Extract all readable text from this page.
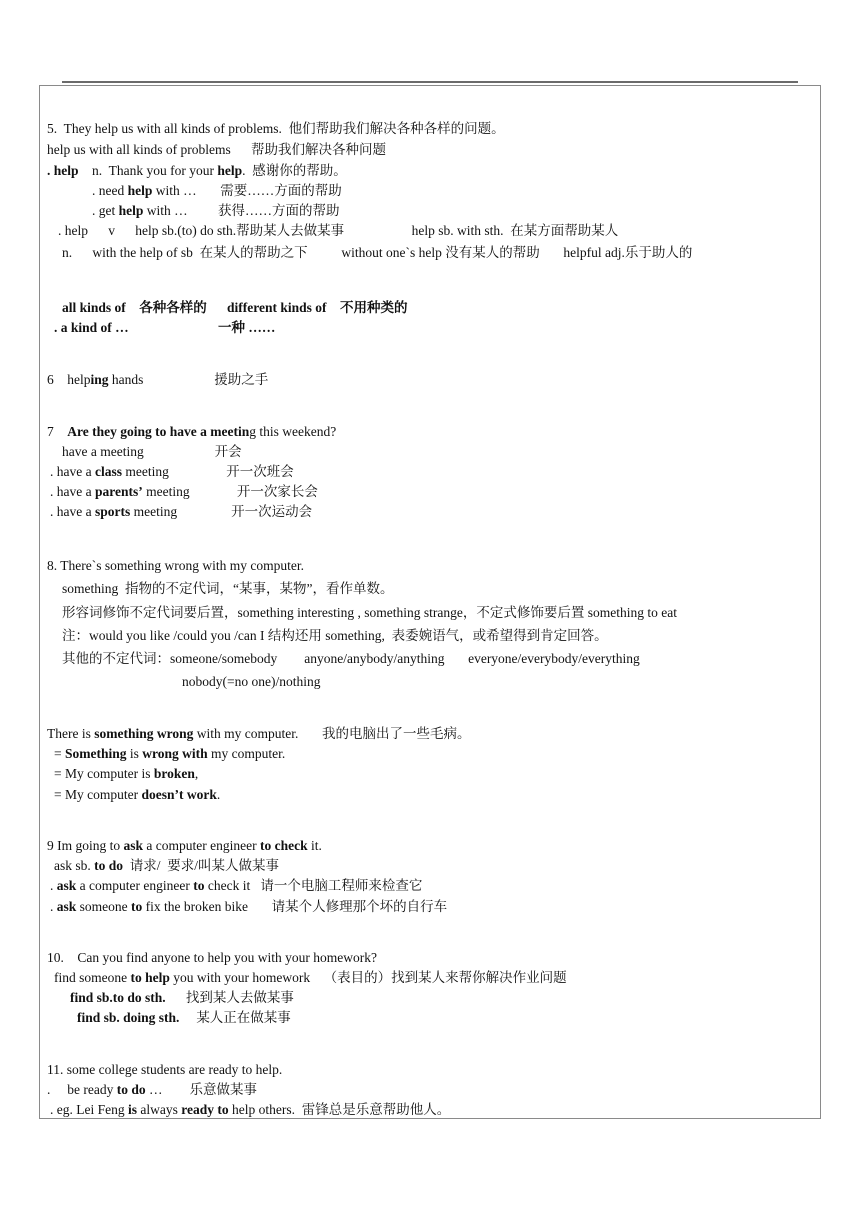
5.  They help us with all kinds of problems.  他们帮助我们解决各种各样的问题。
help us with all kinds of problems      帮助我们解决各种问题
. help    n.  Thank you for your help.  感谢你的帮助。
. need help with …       需要……方面的帮助
. get help with …         获得……方面的帮助
. help      v      help sb.(to) do sth.帮助某人去做某事                    help sb. with sth.  在某方面帮助某人
n.      with the help of sb  在某人的帮助之下          without one`s help 没有某人的帮助       helpful adj.乐于助人的
all kinds of    各种各样的      different kinds of    不用种类的
. a kind of …	一种 ……
6    helping hands                     援助之手
7    Are they going to have a meeting this weekend?
have a meeting                     开会
. have a class meeting                 开一次班会
. have a parents’ meeting              开一次家长会
. have a sports meeting                开一次运动会
8. There`s something wrong with my computer.
something  指物的不定代词，“某事，某物”，看作单数。
形容词修饰不定代词要后置，something interesting , something strange，不定式修饰要后置 something to eat
注：would you like /could you /can I 结构还用 something,  表委婉语气，或希望得到肯定回答。
其他的不定代词：someone/somebody        anyone/anybody/anything       everyone/everybody/everything
nobody(=no one)/nothing
There is something wrong with my computer.       我的电脑出了一些毛病。
= Something is wrong with my computer.
= My computer is broken,
= My computer doesn’t work.
9 Im going to ask a computer engineer to check it.
ask sb. to do  请求/  要求/叫某人做某事
. ask a computer engineer to check it   请一个电脑工程师来检查它
. ask someone to fix the broken bike       请某个人修理那个坏的自行车
10.    Can you find anyone to help you with your homework?
find someone to help you with your homework    （表目的）找到某人来帮你解决作业问题
find sb.to do sth.      找到某人去做某事
find sb. doing sth.     某人正在做某事
11. some college students are ready to help.
.     be ready to do …        乐意做某事
. eg. Lei Feng is always ready to help others.  雷锋总是乐意帮助他人。
